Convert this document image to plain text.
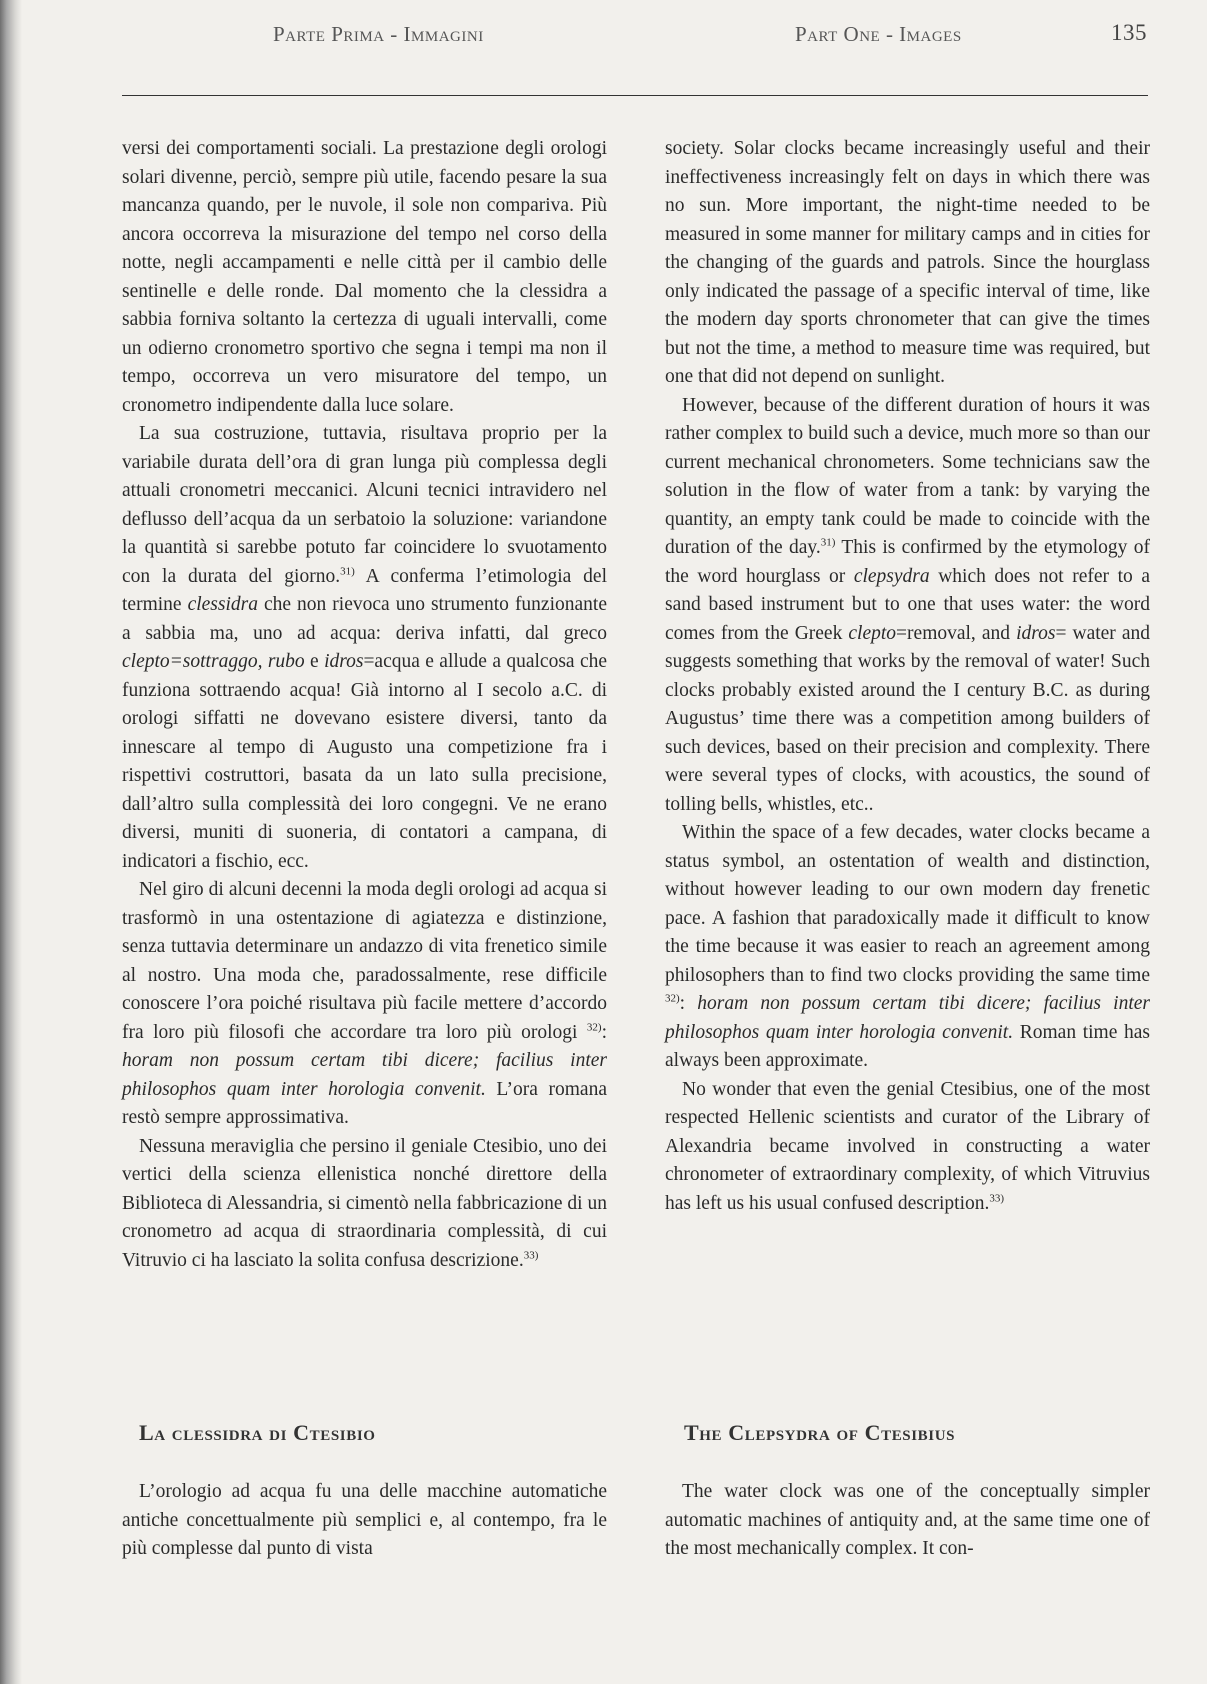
Parte Prima - Immagini	Part One - Images	135

versi dei comportamenti sociali. La prestazione degli orologi solari divenne, perciò, sempre più utile, facendo pesare la sua mancanza quando, per le nuvole, il sole non compariva. Più ancora occorreva la misurazione del tempo nel corso della notte, negli accampamenti e nelle città per il cambio delle sentinelle e delle ronde. Dal momento che la clessidra a sabbia forniva soltanto la certezza di uguali intervalli, come un odierno cronometro sportivo che segna i tempi ma non il tempo, occorreva un vero misuratore del tempo, un cronometro indipendente dalla luce solare.

La sua costruzione, tuttavia, risultava proprio per la variabile durata dell’ora di gran lunga più complessa degli attuali cronometri meccanici. Alcuni tecnici intravidero nel deflusso dell’acqua da un serbatoio la soluzione: variandone la quantità si sarebbe potuto far coincidere lo svuotamento con la durata del giorno.$^{31)}$ A conferma l’etimologia del termine clessidra che non rievoca uno strumento funzionante a sabbia ma, uno ad acqua: deriva infatti, dal greco clepto=sottraggo, rubo e idros=acqua e allude a qualcosa che funziona sottraendo acqua! Già intorno al I secolo a.C. di orologi siffatti ne dovevano esistere diversi, tanto da innescare al tempo di Augusto una competizione fra i rispettivi costruttori, basata da un lato sulla precisione, dall’altro sulla complessità dei loro congegni. Ve ne erano diversi, muniti di suoneria, di contatori a campana, di indicatori a fischio, ecc.

Nel giro di alcuni decenni la moda degli orologi ad acqua si trasformò in una ostentazione di agiatezza e distinzione, senza tuttavia determinare un andazzo di vita frenetico simile al nostro. Una moda che, paradossalmente, rese difficile conoscere l’ora poiché risultava più facile mettere d’accordo fra loro più filosofi che accordare tra loro più orologi $^{32)}$: horam non possum certam tibi dicere; facilius inter philosophos quam inter horologia convenit. L’ora romana restò sempre approssimativa.

Nessuna meraviglia che persino il geniale Ctesibio, uno dei vertici della scienza ellenistica nonché direttore della Biblioteca di Alessandria, si cimentò nella fabbricazione di un cronometro ad acqua di straordinaria complessità, di cui Vitruvio ci ha lasciato la solita confusa descrizione.$^{33)}$

society. Solar clocks became increasingly useful and their ineffectiveness increasingly felt on days in which there was no sun. More important, the night-time needed to be measured in some manner for military camps and in cities for the changing of the guards and patrols. Since the hourglass only indicated the passage of a specific interval of time, like the modern day sports chronometer that can give the times but not the time, a method to measure time was required, but one that did not depend on sunlight.

However, because of the different duration of hours it was rather complex to build such a device, much more so than our current mechanical chronometers. Some technicians saw the solution in the flow of water from a tank: by varying the quantity, an empty tank could be made to coincide with the duration of the day.$^{31)}$ This is confirmed by the etymology of the word hourglass or clepsydra which does not refer to a sand based instrument but to one that uses water: the word comes from the Greek clepto=removal, and idros= water and suggests something that works by the removal of water! Such clocks probably existed around the I century B.C. as during Augustus’ time there was a competition among builders of such devices, based on their precision and complexity. There were several types of clocks, with acoustics, the sound of tolling bells, whistles, etc..

Within the space of a few decades, water clocks became a status symbol, an ostentation of wealth and distinction, without however leading to our own modern day frenetic pace. A fashion that paradoxically made it difficult to know the time because it was easier to reach an agreement among philosophers than to find two clocks providing the same time $^{32)}$: horam non possum certam tibi dicere; facilius inter philosophos quam inter horologia convenit. Roman time has always been approximate.

No wonder that even the genial Ctesibius, one of the most respected Hellenic scientists and curator of the Library of Alexandria became involved in constructing a water chronometer of extraordinary complexity, of which Vitruvius has left us his usual confused description.$^{33)}$

La clessidra di Ctesibio	The Clepsydra of Ctesibius

L’orologio ad acqua fu una delle macchine automatiche antiche concettualmente più semplici e, al contempo, fra le più complesse dal punto di vista

The water clock was one of the conceptually simpler automatic machines of antiquity and, at the same time one of the most mechanically complex. It con-
